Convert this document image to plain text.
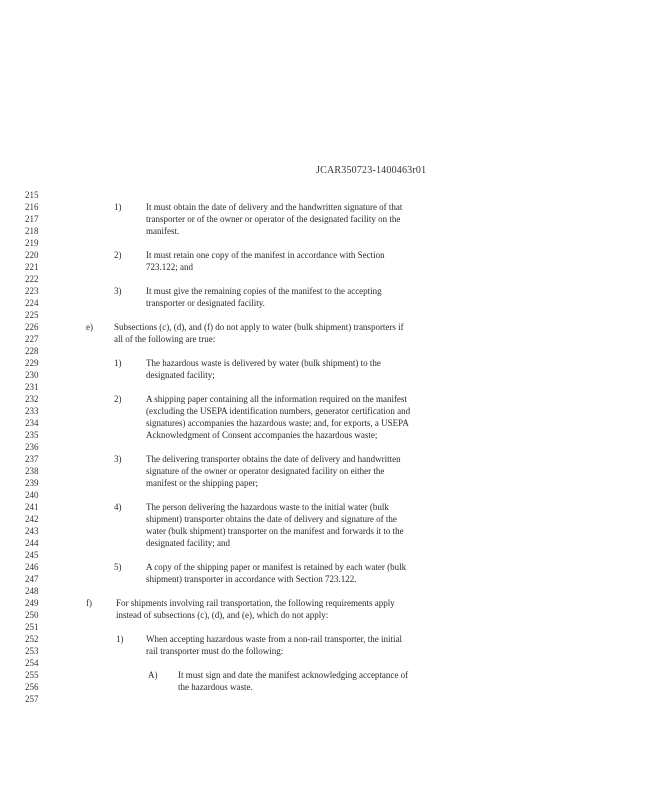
JCAR350723-1400463r01
215
216
217
218
219
220
221
222
223
224
225
226
227
228
229
230
231
232
233
234
235
236
237
238
239
240
241
242
243
244
245
246
247
248
249
250
251
252
253
254
255
256
257
1)	It must obtain the date of delivery and the handwritten signature of that
transporter or of the owner or operator of the designated facility on the
manifest.
2)	It must retain one copy of the manifest in accordance with Section
723.122; and
3)	It must give the remaining copies of the manifest to the accepting
transporter or designated facility.
e) Subsections (c), (d), and (f) do not apply to water (bulk shipment) transporters if
all of the following are true:
1)	The hazardous waste is delivered by water (bulk shipment) to the
designated facility;
2)	A shipping paper containing all the information required on the manifest
(excluding the USEPA identification numbers, generator certification and
signatures) accompanies the hazardous waste; and, for exports, a USEPA
Acknowledgment of Consent accompanies the hazardous waste;
3)	The delivering transporter obtains the date of delivery and handwritten
signature of the owner or operator designated facility on either the
manifest or the shipping paper;
4)	The person delivering the hazardous waste to the initial water (bulk
shipment) transporter obtains the date of delivery and signature of the
water (bulk shipment) transporter on the manifest and forwards it to the
designated facility; and
5)	A copy of the shipping paper or manifest is retained by each water (bulk
shipment) transporter in accordance with Section 723.122.
f)	For shipments involving rail transportation, the following requirements apply
instead of subsections (c), (d), and (e), which do not apply:
1)	When accepting hazardous waste from a non-rail transporter, the initial
rail transporter must do the following:
A) It must sign and date the manifest acknowledging acceptance of
the hazardous waste.
